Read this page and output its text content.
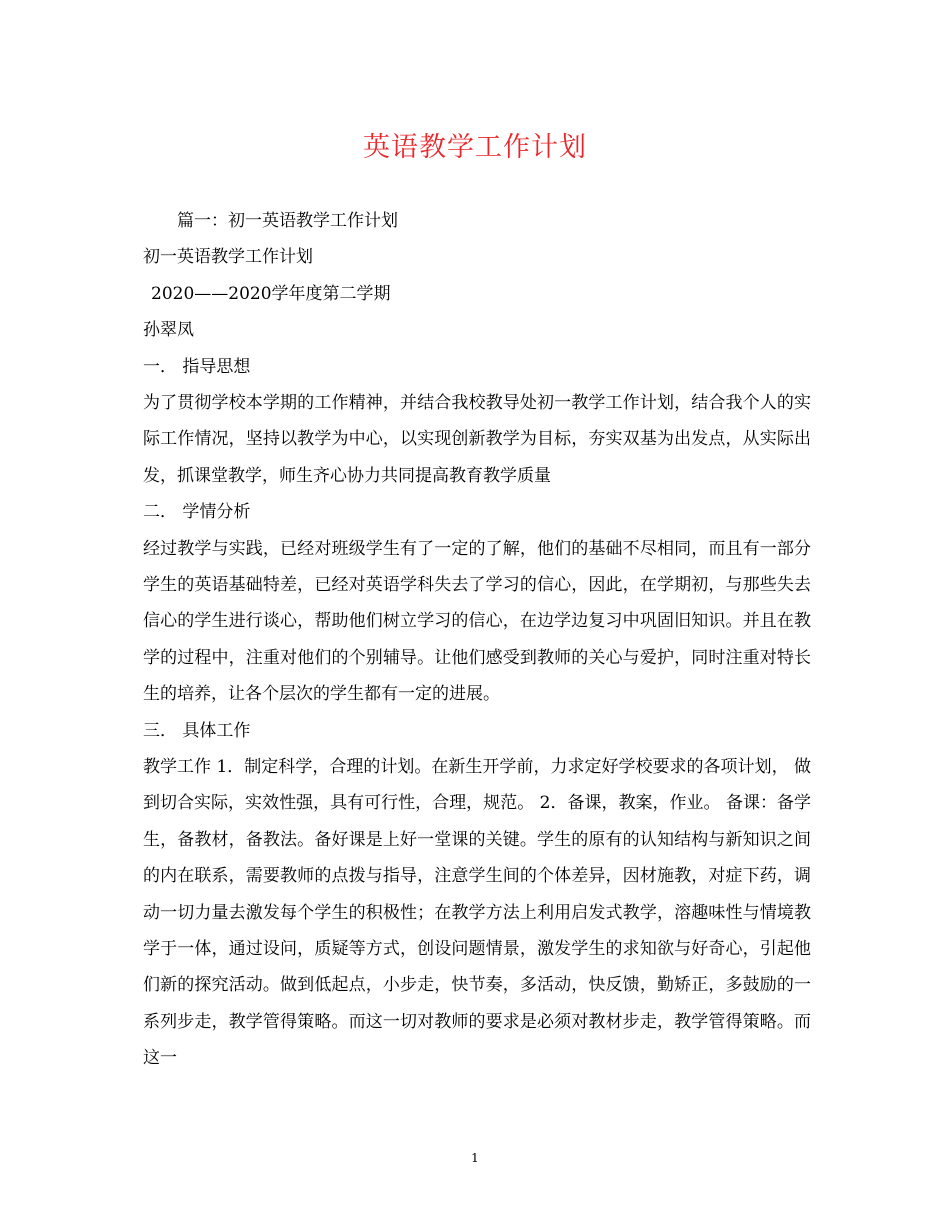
英语教学工作计划
篇一：初一英语教学工作计划
初一英语教学工作计划
2020——2020学年度第二学期
孙翠凤
一． 指导思想

为了贯彻学校本学期的工作精神，并结合我校教导处初一教学工作计划，结合我个人的实际工作情况，坚持以教学为中心，以实现创新教学为目标，夯实双基为出发点，从实际出发，抓课堂教学，师生齐心协力共同提高教育教学质量

二． 学情分析

经过教学与实践，已经对班级学生有了一定的了解，他们的基础不尽相同，而且有一部分学生的英语基础特差，已经对英语学科失去了学习的信心，因此，在学期初，与那些失去信心的学生进行谈心，帮助他们树立学习的信心，在边学边复习中巩固旧知识。并且在教学的过程中，注重对他们的个别辅导。让他们感受到教师的关心与爱护，同时注重对特长生的培养，让各个层次的学生都有一定的进展。

三． 具体工作

教学工作 1．制定科学，合理的计划。在新生开学前，力求定好学校要求的各项计划， 做到切合实际，实效性强，具有可行性，合理，规范。 2．备课，教案，作业。 备课：备学生，备教材，备教法。备好课是上好一堂课的关键。学生的原有的认知结构与新知识之间的内在联系，需要教师的点拨与指导，注意学生间的个体差异，因材施教，对症下药，调动一切力量去激发每个学生的积极性；在教学方法上利用启发式教学，溶趣味性与情境教学于一体，通过设问，质疑等方式，创设问题情景，激发学生的求知欲与好奇心，引起他们新的探究活动。做到低起点，小步走，快节奏，多活动，快反馈，勤矫正，多鼓励的一系列步走，教学管得策略。而这一切对教师的要求是必须对教材步走，教学管得策略。而这一

1
